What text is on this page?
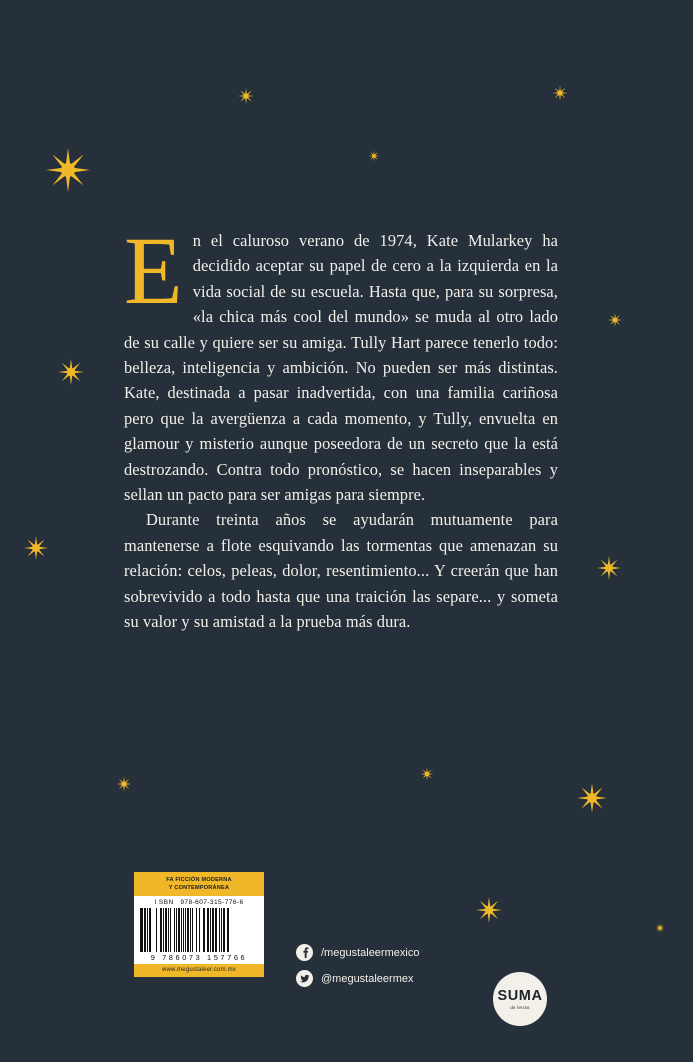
En el caluroso verano de 1974, Kate Mularkey ha decidido aceptar su papel de cero a la izquierda en la vida social de su escuela. Hasta que, para su sorpresa, «la chica más cool del mundo» se muda al otro lado de su calle y quiere ser su amiga. Tully Hart parece tenerlo todo: belleza, inteligencia y ambición. No pueden ser más distintas. Kate, destinada a pasar inadvertida, con una familia cariñosa pero que la avergüenza a cada momento, y Tully, envuelta en glamour y misterio aunque poseedora de un secreto que la está destrozando. Contra todo pronóstico, se hacen inseparables y sellan un pacto para ser amigas para siempre.

Durante treinta años se ayudarán mutuamente para mantenerse a flote esquivando las tormentas que amenazan su relación: celos, peleas, dolor, resentimiento... Y creerán que han sobrevivido a todo hasta que una traición las separe... y someta su valor y su amistad a la prueba más dura.

FA FICCIÓN MODERNA
Y CONTEMPORÁNEA
I SBN 978-607-315-776-6
9 786073 157766
www.megustaleer.com.mx
/megustaleermexico
@megustaleermex
SUMA
de letras
